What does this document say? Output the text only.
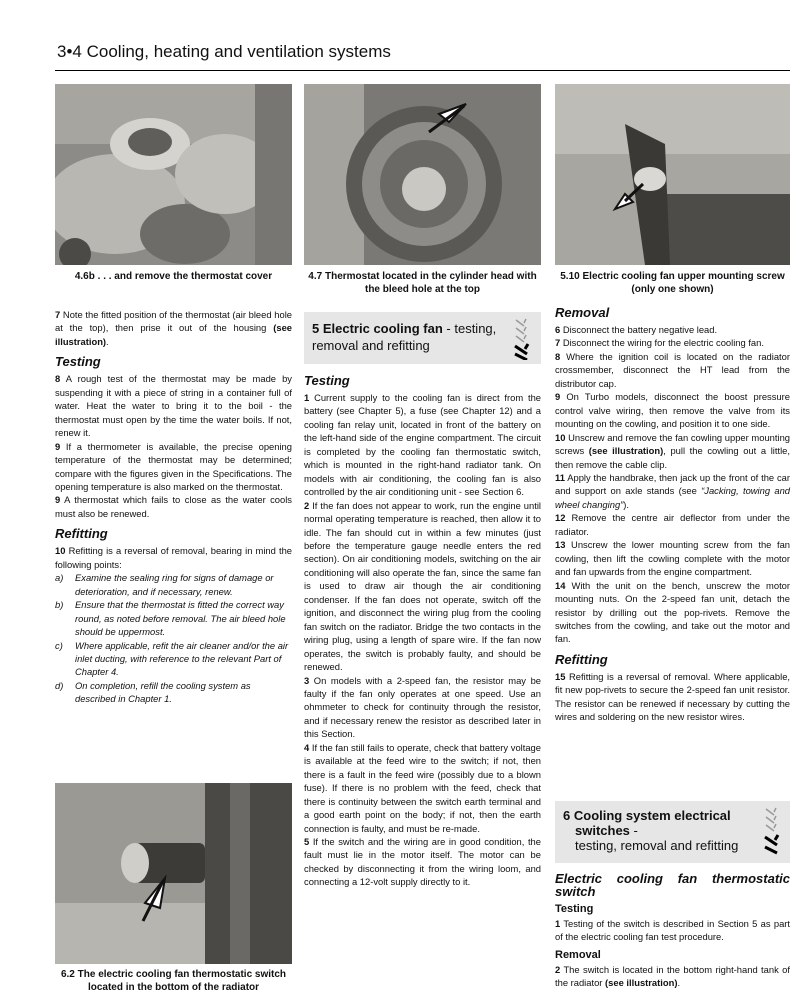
3•4 Cooling, heating and ventilation systems
4.6b . . . and remove the thermostat cover	4.7 Thermostat located in the cylinder head with the bleed hole at the top
5.10 Electric cooling fan upper mounting screw (only one shown)

7 Note the fitted position of the thermostat (air bleed hole at the top), then prise it out of the housing (see illustration).

Testing

8 A rough test of the thermostat may be made by suspending it with a piece of string in a container full of water. Heat the water to bring it to the boil - the thermostat must open by the time the water boils. If not, renew it.

9 If a thermometer is available, the precise opening temperature of the thermostat may be determined; compare with the figures given in the Specifications. The opening temperature is also marked on the thermostat.

9 A thermostat which fails to close as the water cools must also be renewed.

Refitting

10 Refitting is a reversal of removal, bearing in mind the following points:

a) Examine the sealing ring for signs of damage or deterioration, and if necessary, renew.
b) Ensure that the thermostat is fitted the correct way round, as noted before removal. The air bleed hole should be uppermost.
c) Where applicable, refit the air cleaner and/or the air inlet ducting, with reference to the relevant Part of Chapter 4.
d) On completion, refill the cooling system as described in Chapter 1.
6.2 The electric cooling fan thermostatic switch located in the bottom of the radiator
5 Electric cooling fan - testing, removal and refitting
Testing

1 Current supply to the cooling fan is direct from the battery (see Chapter 5), a fuse (see Chapter 12) and a cooling fan relay unit, located in front of the battery on the left-hand side of the engine compartment. The circuit is completed by the cooling fan thermostatic switch, which is mounted in the right-hand radiator tank. On models with air conditioning, the cooling fan is also controlled by the air conditioning unit - see Section 6.

2 If the fan does not appear to work, run the engine until normal operating temperature is reached, then allow it to idle. The fan should cut in within a few minutes (just before the temperature gauge needle enters the red section). On air conditioning models, switching on the air conditioning will also operate the fan, since the same fan is used to draw air though the air conditioning condenser. If the fan does not operate, switch off the ignition, and disconnect the wiring plug from the cooling fan switch on the radiator. Bridge the two contacts in the wiring plug, using a length of spare wire. If the fan now operates, the switch is probably faulty, and should be renewed.

3 On models with a 2-speed fan, the resistor may be faulty if the fan only operates at one speed. Use an ohmmeter to check for continuity through the resistor, and if necessary renew the resistor as described later in this Section.

4 If the fan still fails to operate, check that battery voltage is available at the feed wire to the switch; if not, then there is a fault in the feed wire (possibly due to a blown fuse). If there is no problem with the feed, check that there is continuity between the switch earth terminal and a good earth point on the body; if not, then the earth connection is faulty, and must be re-made.

5 If the switch and the wiring are in good condition, the fault must lie in the motor itself. The motor can be checked by disconnecting it from the wiring loom, and connecting a 12-volt supply directly to it.

Removal

6 Disconnect the battery negative lead.

7 Disconnect the wiring for the electric cooling fan.

8 Where the ignition coil is located on the radiator crossmember, disconnect the HT lead from the distributor cap.

9 On Turbo models, disconnect the boost pressure control valve wiring, then remove the valve from its mounting on the cowling, and position it to one side.

10 Unscrew and remove the fan cowling upper mounting screws (see illustration), pull the cowling out a little, then remove the cable clip.

11 Apply the handbrake, then jack up the front of the car and support on axle stands (see “Jacking, towing and wheel changing”).

12 Remove the centre air deflector from under the radiator.

13 Unscrew the lower mounting screw from the fan cowling, then lift the cowling complete with the motor and fan upwards from the engine compartment.

14 With the unit on the bench, unscrew the motor mounting nuts. On the 2-speed fan unit, detach the resistor by drilling out the pop-rivets. Remove the switches from the cowling, and take out the motor and fan.

Refitting

15 Refitting is a reversal of removal. Where applicable, fit new pop-rivets to secure the 2-speed fan unit resistor. The resistor can be renewed if necessary by cutting the wires and soldering on the new resistor wires.

6 Cooling system electrical
switches -
testing, removal and refitting
Electric cooling fan thermostatic switch
Testing

1 Testing of the switch is described in Section 5 as part of the electric cooling fan test procedure.

Removal

2 The switch is located in the bottom right-hand tank of the radiator (see illustration).
